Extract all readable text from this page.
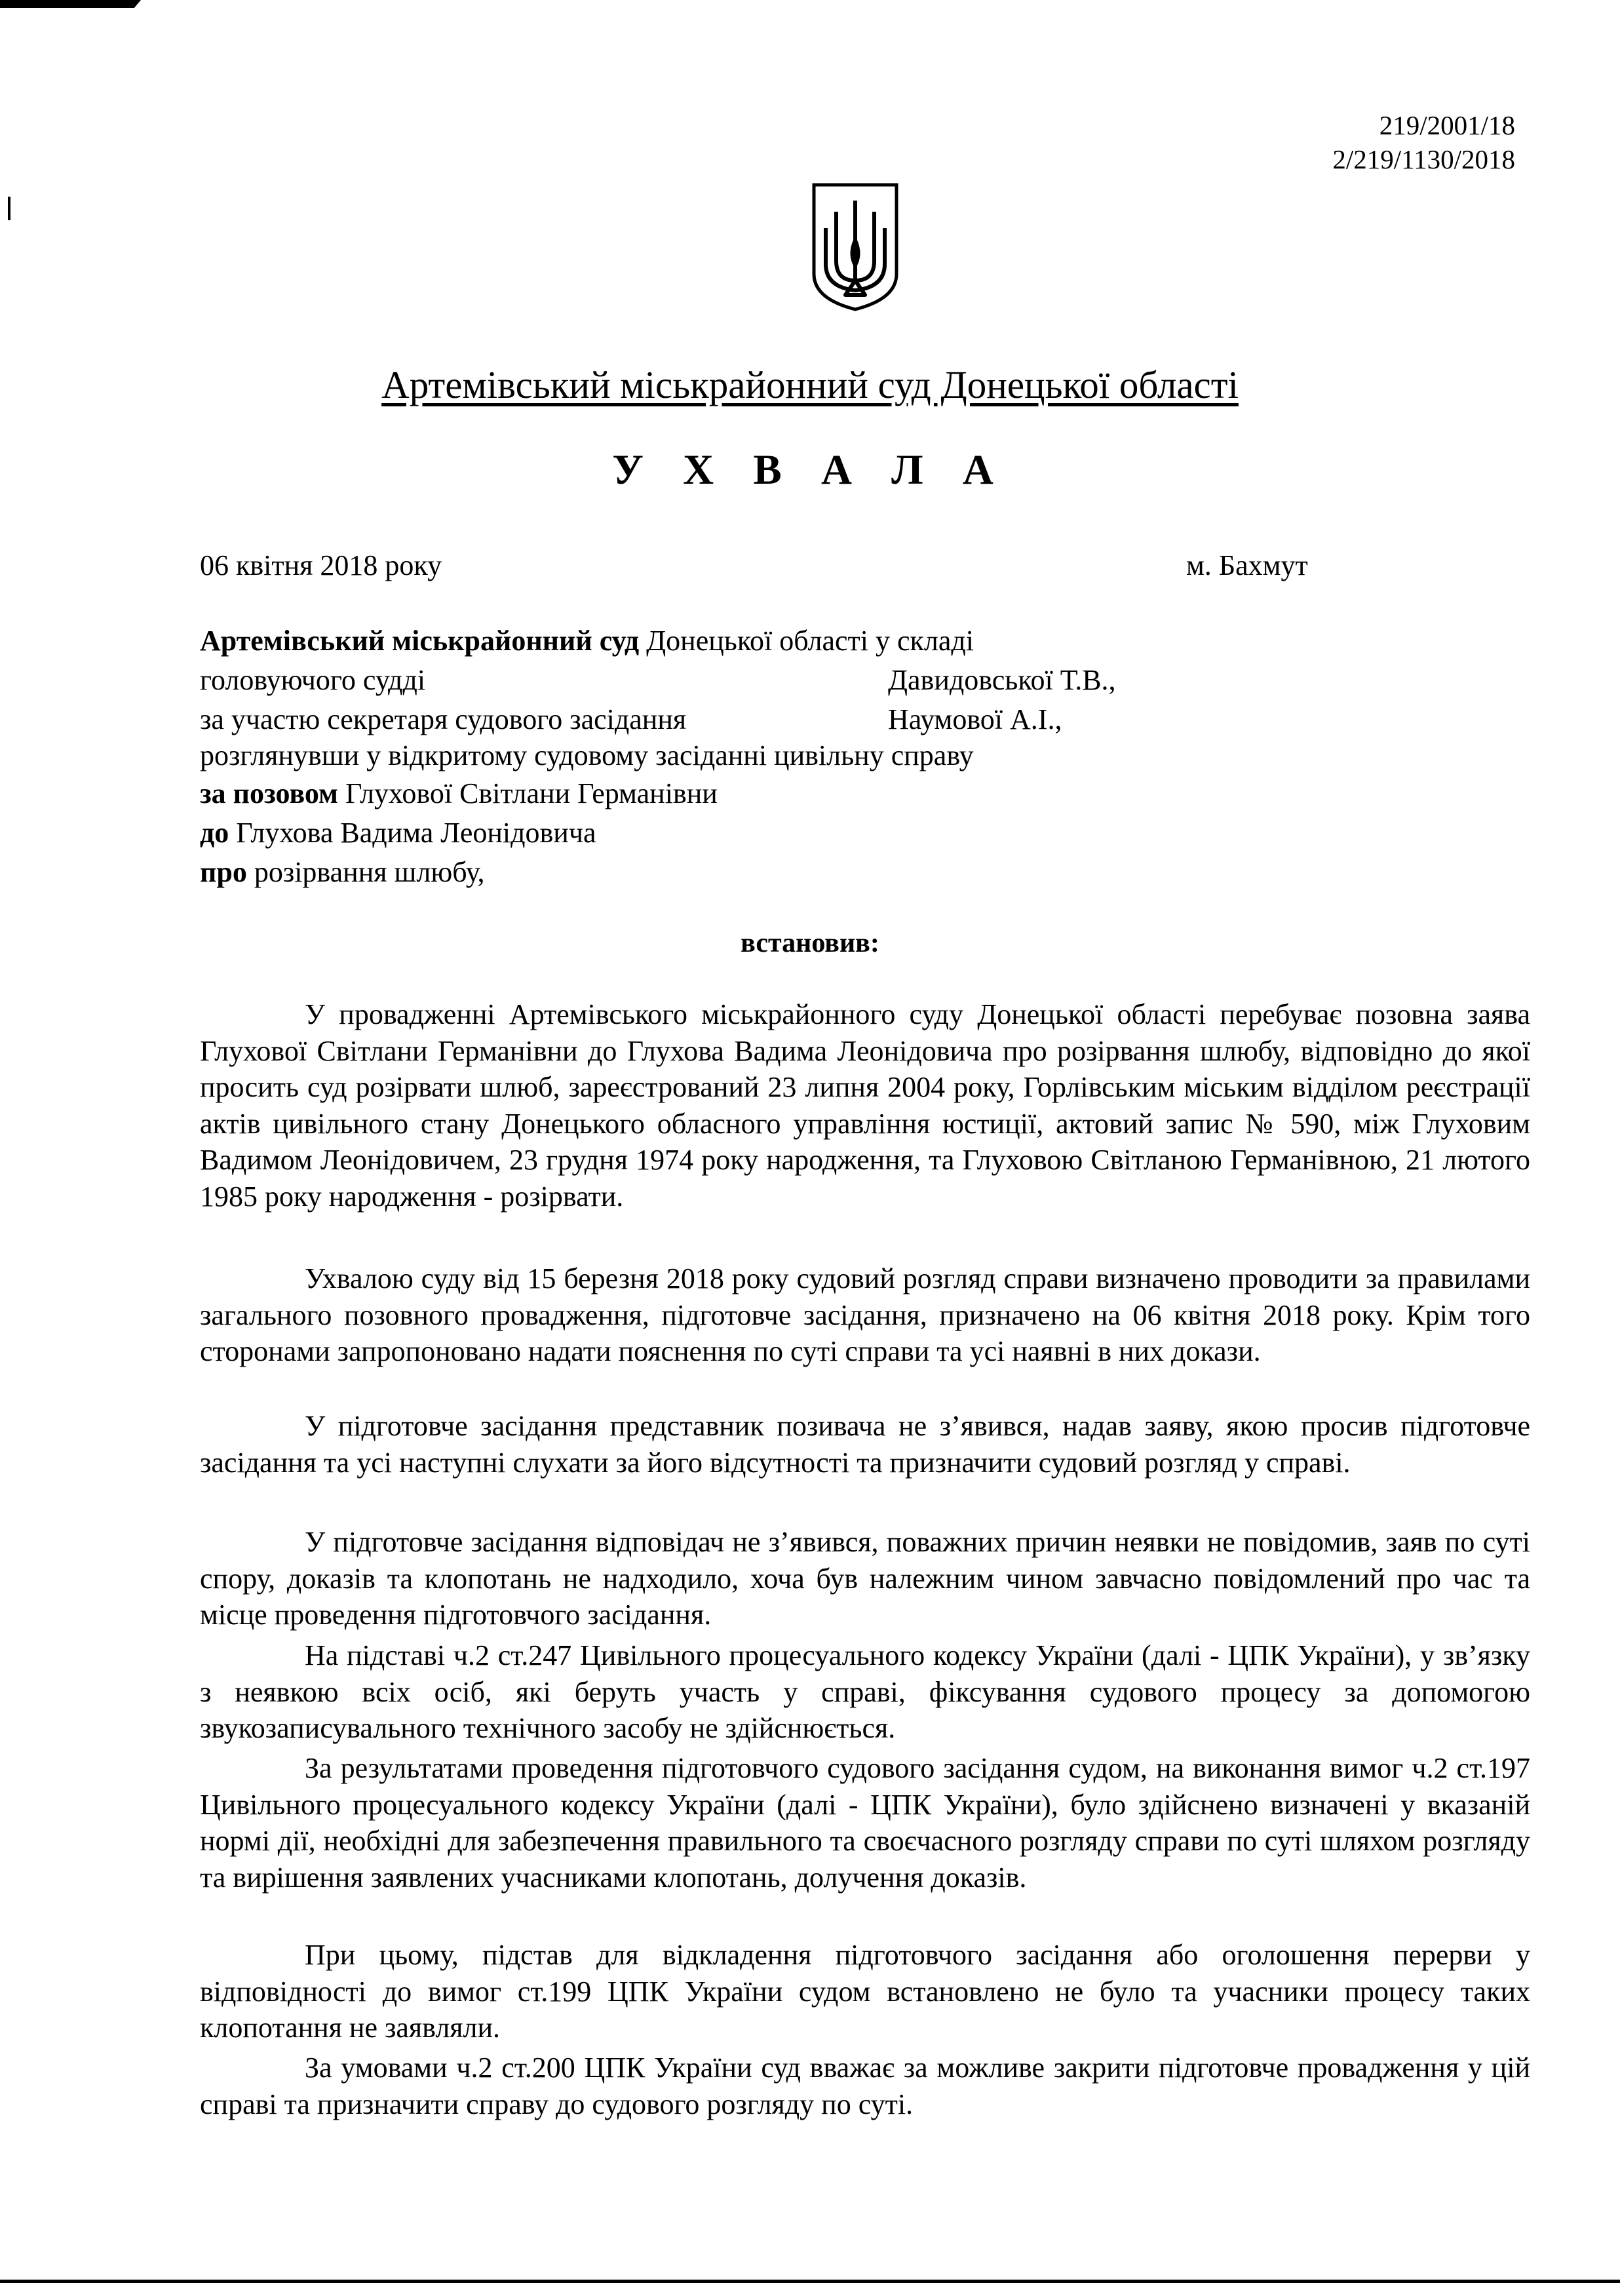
219/2001/18
2/219/1130/2018
Артемівський міськрайонний суд Донецької області
У Х В А Л А
06 квітня 2018 року	м. Бахмут
Артемівський міськрайонний суд Донецької області у складі
головуючого судді	Давидовської Т.В.,
за участю секретаря судового засідання	Наумової А.І.,
розглянувши у відкритому судовому засіданні цивільну справу
за позовом Глухової Світлани Германівни
до Глухова Вадима Леонідовича
про розірвання шлюбу,
встановив:
У провадженні Артемівського міськрайонного суду Донецької області перебуває позовна заява Глухової Світлани Германівни до Глухова Вадима Леонідовича про розірвання шлюбу, відповідно до якої просить суд розірвати шлюб, зареєстрований 23 липня 2004 року, Горлівським міським відділом реєстрації актів цивільного стану Донецького обласного управління юстиції, актовий запис № 590, між Глуховим Вадимом Леонідовичем, 23 грудня 1974 року народження, та Глуховою Світланою Германівною, 21 лютого 1985 року народження - розірвати.
Ухвалою суду від 15 березня 2018 року судовий розгляд справи визначено проводити за правилами загального позовного провадження, підготовче засідання, призначено на 06 квітня 2018 року. Крім того сторонами запропоновано надати пояснення по суті справи та усі наявні в них докази.
У підготовче засідання представник позивача не з’явився, надав заяву, якою просив підготовче засідання та усі наступні слухати за його відсутності та призначити судовий розгляд у справі.
У підготовче засідання відповідач не з’явився, поважних причин неявки не повідомив, заяв по суті спору, доказів та клопотань не надходило, хоча був належним чином завчасно повідомлений про час та місце проведення підготовчого засідання.
На підставі ч.2 ст.247 Цивільного процесуального кодексу України (далі - ЦПК України), у зв’язку з неявкою всіх осіб, які беруть участь у справі, фіксування судового процесу за допомогою звукозаписувального технічного засобу не здійснюється.
За результатами проведення підготовчого судового засідання судом, на виконання вимог ч.2 ст.197 Цивільного процесуального кодексу України (далі - ЦПК України), було здійснено визначені у вказаній нормі дії, необхідні для забезпечення правильного та своєчасного розгляду справи по суті шляхом розгляду та вирішення заявлених учасниками клопотань, долучення доказів.
При цьому, підстав для відкладення підготовчого засідання або оголошення перерви у відповідності до вимог ст.199 ЦПК України судом встановлено не було та учасники процесу таких клопотання не заявляли.
За умовами ч.2 ст.200 ЦПК України суд вважає за можливе закрити підготовче провадження у цій справі та призначити справу до судового розгляду по суті.
